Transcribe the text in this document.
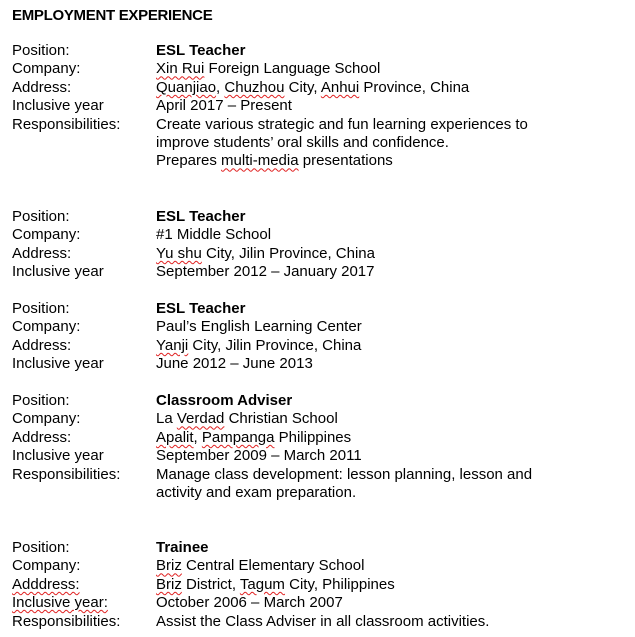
EMPLOYMENT EXPERIENCE
Position:	ESL Teacher
Company:	Xin Rui Foreign Language School
Address:	Quanjiao, Chuzhou City, Anhui Province, China
Inclusive year	April 2017 – Present
Responsibilities: Create various strategic and fun learning experiences to

improve students’ oral skills and confidence.

Prepares multi-media presentations

Position:	ESL Teacher
Company:	#1 Middle School
Address:	Yu shu City, Jilin Province, China
Inclusive year	September 2012 – January 2017
Position:	ESL Teacher
Company:	Paul’s English Learning Center
Address:	Yanji City, Jilin Province, China
Inclusive year	June 2012 – June 2013
Position:	Classroom Adviser
Company:	La Verdad Christian School
Address:	Apalit, Pampanga Philippines
Inclusive year	September 2009 – March 2011
Responsibilities: Manage class development: lesson planning, lesson and

activity and exam preparation.

Position:	Trainee
Company:	Briz Central Elementary School
Adddress:	Briz District, Tagum City, Philippines
Inclusive year:	October 2006 – March 2007
Responsibilities: Assist the Class Adviser in all classroom activities.
